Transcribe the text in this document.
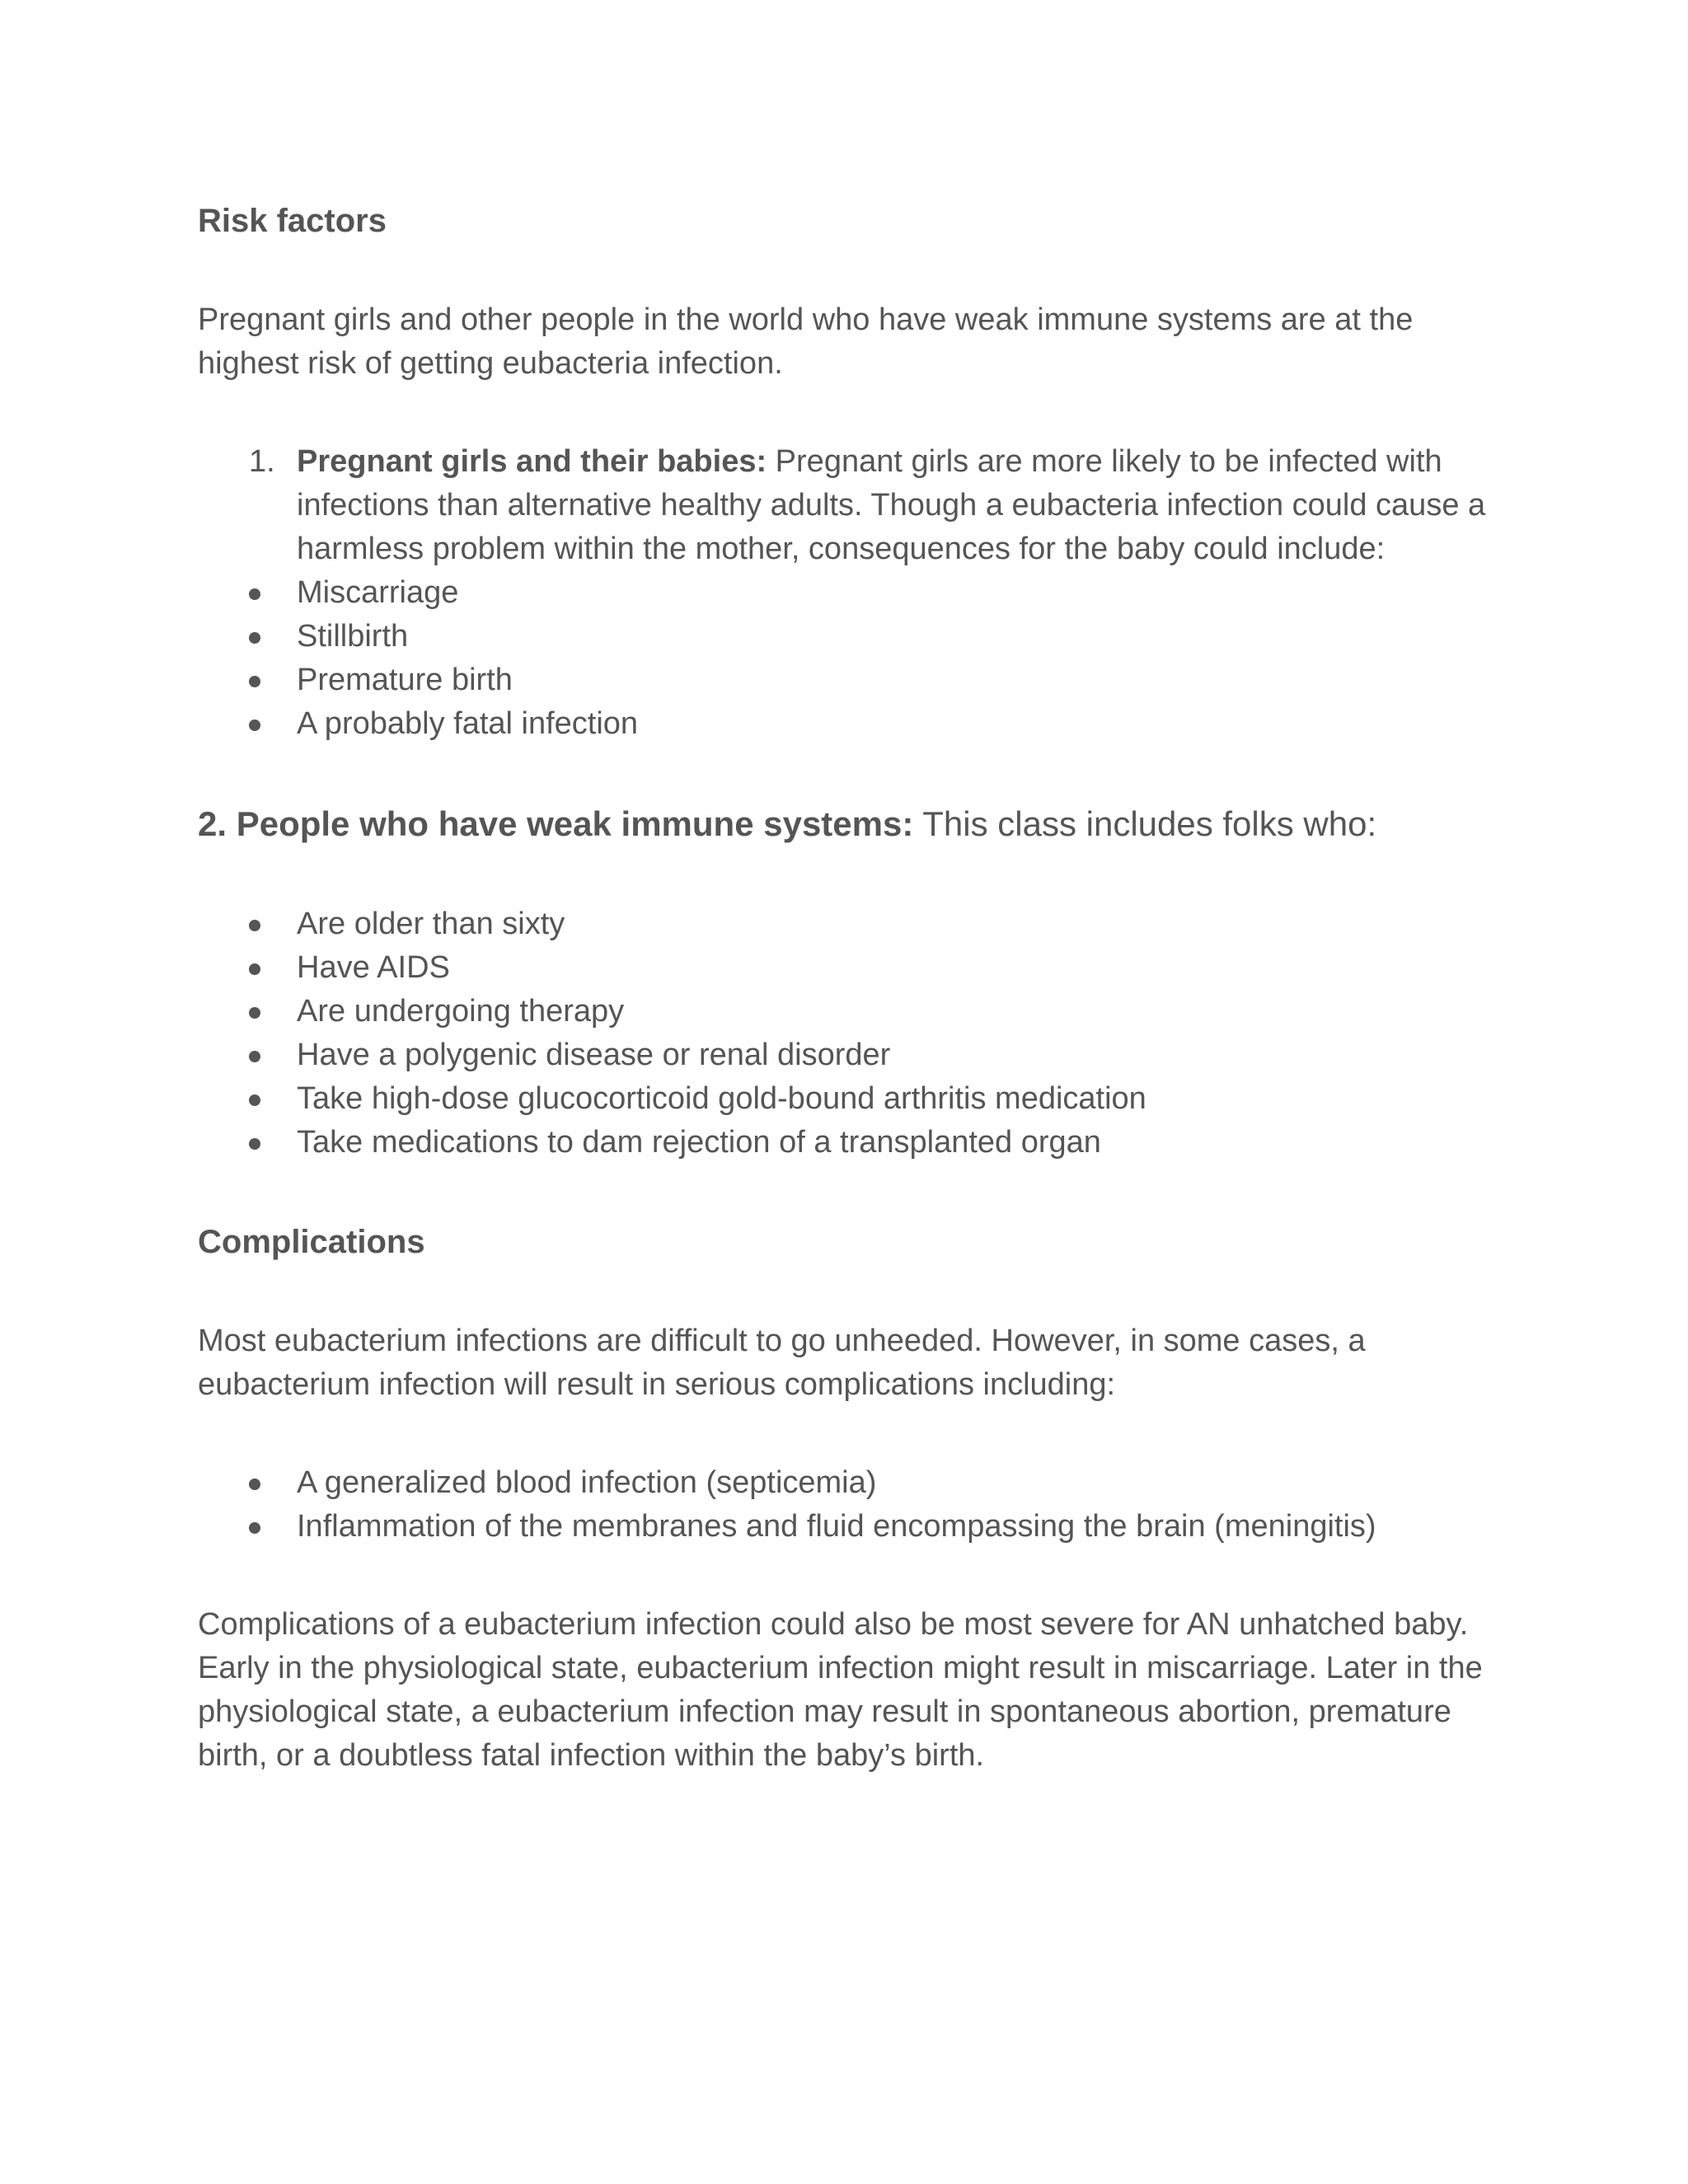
Risk factors

Pregnant girls and other people in the world who have weak immune systems are at the highest risk of getting eubacteria infection.

1. Pregnant girls and their babies: Pregnant girls are more likely to be infected with infections than alternative healthy adults. Though a eubacteria infection could cause a harmless problem within the mother, consequences for the baby could include:
Miscarriage
Stillbirth
Premature birth
A probably fatal infection

2. People who have weak immune systems: This class includes folks who:

Are older than sixty
Have AIDS
Are undergoing therapy
Have a polygenic disease or renal disorder
Take high-dose glucocorticoid gold-bound arthritis medication
Take medications to dam rejection of a transplanted organ
Complications

Most eubacterium infections are difficult to go unheeded. However, in some cases, a eubacterium infection will result in serious complications including:

A generalized blood infection (septicemia)
Inflammation of the membranes and fluid encompassing the brain (meningitis)

Complications of a eubacterium infection could also be most severe for AN unhatched baby. Early in the physiological state, eubacterium infection might result in miscarriage. Later in the physiological state, a eubacterium infection may result in spontaneous abortion, premature birth, or a doubtless fatal infection within the baby’s birth.
